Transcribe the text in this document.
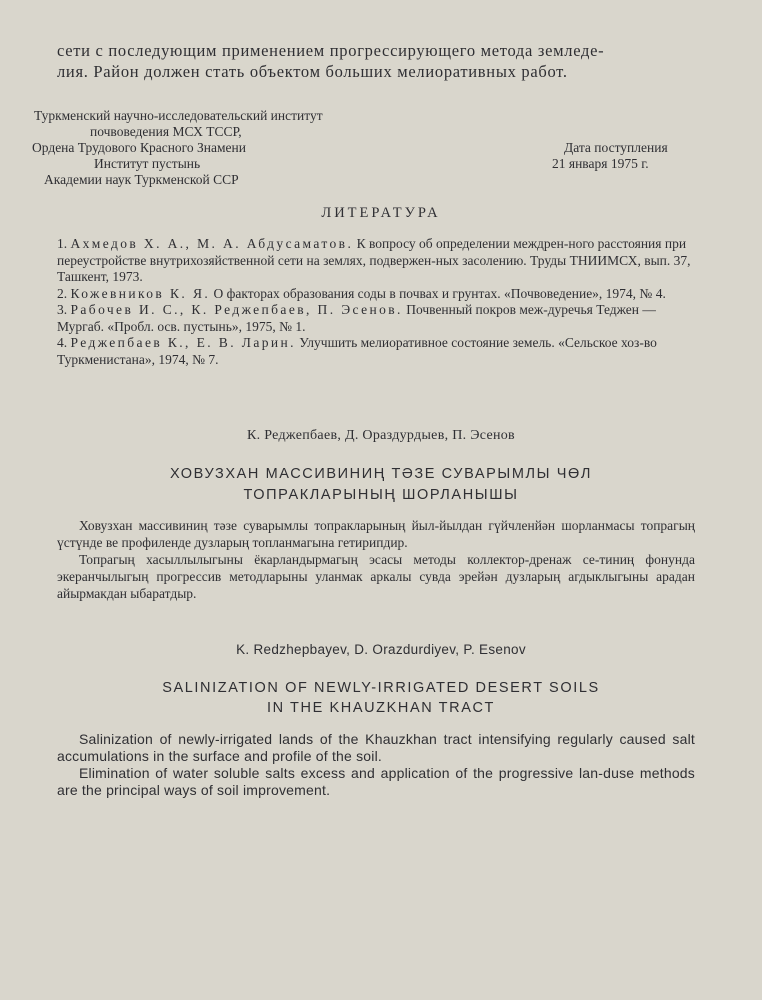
сети с последующим применением прогрессирующего метода земледе-
лия. Район должен стать объектом больших мелиоративных работ.
Туркменский научно-исследовательский институт
почвоведения МСХ ТССР,
Ордена Трудового Красного Знамени
Институт пустынь
Академии наук Туркменской ССР
Дата поступления
21 января 1975 г.
ЛИТЕРАТУРА

1. Ахмедов Х. А., М. А. Абдусаматов. К вопросу об определении междрен-ного расстояния при переустройстве внутрихозяйственной сети на землях, подвержен-ных засолению. Труды ТНИИМСХ, вып. 37, Ташкент, 1973.

2. Кожевников К. Я. О факторах образования соды в почвах и грунтах. «Почвоведение», 1974, № 4.

3. Рабочев И. С., К. Реджепбаев, П. Эсенов. Почвенный покров меж-дуречья Теджен — Мургаб. «Пробл. осв. пустынь», 1975, № 1.

4. Реджепбаев К., Е. В. Ларин. Улучшить мелиоративное состояние земель. «Сельское хоз-во Туркменистана», 1974, № 7.

К. Реджепбаев, Д. Ораздурдыев, П. Эсенов
ХОВУЗХАН МАССИВИНИҢ ТӘЗЕ СУВАРЫМЛЫ ЧӨЛ
ТОПРАКЛАРЫНЫҢ ШОРЛАНЫШЫ

Ховузхан массивиниң тәзе суварымлы топракларының йыл-йылдан гүйчленйән шорланмасы топрагың үстүнде ве профиленде дузларың топланмагына гетирипдир.

Топрагың хасыллылыгыны ёкарландырмагың эсасы методы коллектор-дренаж се-тиниң фонунда экеранчылыгың прогрессив методларыны уланмак аркалы сувда эрейән дузларың агдыклыгыны арадан айырмакдан ыбаратдыр.

K. Redzhepbayev, D. Orazdurdiyev, P. Esenov
SALINIZATION OF NEWLY-IRRIGATED DESERT SOILS
IN THE KHAUZKHAN TRACT

Salinization of newly-irrigated lands of the Khauzkhan tract intensifying regularly caused salt accumulations in the surface and profile of the soil.

Elimination of water soluble salts excess and application of the progressive lan-duse methods are the principal ways of soil improvement.
